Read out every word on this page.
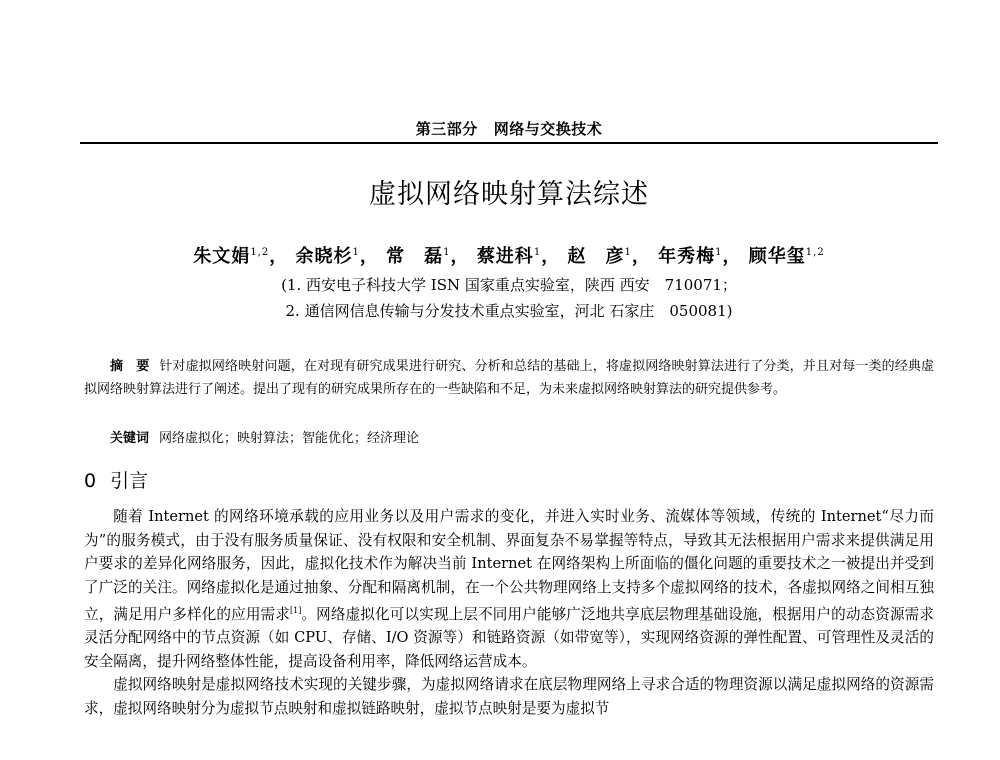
第三部分 网络与交换技术
虚拟网络映射算法综述
朱文娟$^{1,2}$， 余晓杉$^1$， 常　磊$^1$， 蔡进科$^1$， 赵　彦$^1$， 年秀梅$^1$， 顾华玺$^{1,2}$
(1. 西安电子科技大学 ISN 国家重点实验室，陕西 西安　710071；
2. 通信网信息传输与分发技术重点实验室，河北 石家庄　050081)
摘　要 针对虚拟网络映射问题，在对现有研究成果进行研究、分析和总结的基础上，将虚拟网络映射算法进行了分类，并且对每一类的经典虚拟网络映射算法进行了阐述。提出了现有的研究成果所存在的一些缺陷和不足，为未来虚拟网络映射算法的研究提供参考。
关键词 网络虚拟化；映射算法；智能优化；经济理论
0 引言

随着 Internet 的网络环境承载的应用业务以及用户需求的变化，并进入实时业务、流媒体等领域，传统的 Internet“尽力而为”的服务模式，由于没有服务质量保证、没有权限和安全机制、界面复杂不易掌握等特点，导致其无法根据用户需求来提供满足用户要求的差异化网络服务，因此，虚拟化技术作为解决当前 Internet 在网络架构上所面临的僵化问题的重要技术之一被提出并受到了广泛的关注。网络虚拟化是通过抽象、分配和隔离机制，在一个公共物理网络上支持多个虚拟网络的技术，各虚拟网络之间相互独立，满足用户多样化的应用需求[1]。网络虚拟化可以实现上层不同用户能够广泛地共享底层物理基础设施，根据用户的动态资源需求灵活分配网络中的节点资源（如 CPU、存储、I/O 资源等）和链路资源（如带宽等），实现网络资源的弹性配置、可管理性及灵活的安全隔离，提升网络整体性能，提高设备利用率，降低网络运营成本。

虚拟网络映射是虚拟网络技术实现的关键步骤，为虚拟网络请求在底层物理网络上寻求合适的物理资源以满足虚拟网络的资源需求，虚拟网络映射分为虚拟节点映射和虚拟链路映射，虚拟节点映射是要为虚拟节
